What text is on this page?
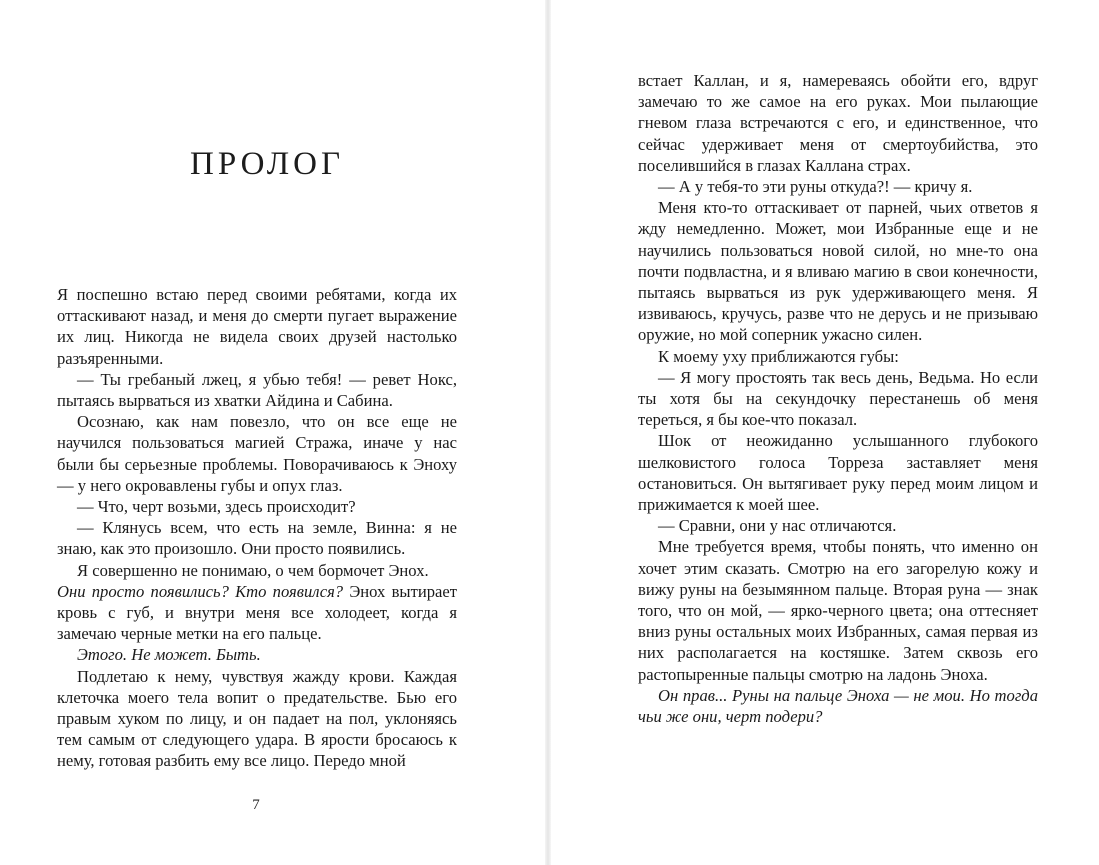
ПРОЛОГ

Я поспешно встаю перед своими ребятами, когда их оттаскивают назад, и меня до смерти пугает выражение их лиц. Никогда не видела своих друзей настолько разъяренными.

— Ты гребаный лжец, я убью тебя! — ревет Нокс, пытаясь вырваться из хватки Айдина и Сабина.

Осознаю, как нам повезло, что он все еще не научился пользоваться магией Стража, иначе у нас были бы серьезные проблемы. Поворачиваюсь к Эноху — у него окровавлены губы и опух глаз.

— Что, черт возьми, здесь происходит?

— Клянусь всем, что есть на земле, Винна: я не знаю, как это произошло. Они просто появились.

Я совершенно не понимаю, о чем бормочет Энох.

Они просто появились? Кто появился? Энох вытирает кровь с губ, и внутри меня все холодеет, когда я замечаю черные метки на его пальце.

Этого. Не может. Быть.

Подлетаю к нему, чувствуя жажду крови. Каждая клеточка моего тела вопит о предательстве. Бью его правым хуком по лицу, и он падает на пол, уклоняясь тем самым от следующего удара. В ярости бросаюсь к нему, готовая разбить ему все лицо. Передо мной

7

встает Каллан, и я, намереваясь обойти его, вдруг замечаю то же самое на его руках. Мои пылающие гневом глаза встречаются с его, и единственное, что сейчас удерживает меня от смертоубийства, это поселившийся в глазах Каллана страх.

— А у тебя-то эти руны откуда?! — кричу я.

Меня кто-то оттаскивает от парней, чьих ответов я жду немедленно. Может, мои Избранные еще и не научились пользоваться новой силой, но мне-то она почти подвластна, и я вливаю магию в свои конечности, пытаясь вырваться из рук удерживающего меня. Я извиваюсь, кручусь, разве что не дерусь и не призываю оружие, но мой соперник ужасно силен.

К моему уху приближаются губы:

— Я могу простоять так весь день, Ведьма. Но если ты хотя бы на секундочку перестанешь об меня тереться, я бы кое-что показал.

Шок от неожиданно услышанного глубокого шелковистого голоса Торреза заставляет меня остановиться. Он вытягивает руку перед моим лицом и прижимается к моей шее.

— Сравни, они у нас отличаются.

Мне требуется время, чтобы понять, что именно он хочет этим сказать. Смотрю на его загорелую кожу и вижу руны на безымянном пальце. Вторая руна — знак того, что он мой, — ярко-черного цвета; она оттесняет вниз руны остальных моих Избранных, самая первая из них располагается на костяшке. Затем сквозь его растопыренные пальцы смотрю на ладонь Эноха.

Он прав... Руны на пальце Эноха — не мои. Но тогда чьи же они, черт подери?
